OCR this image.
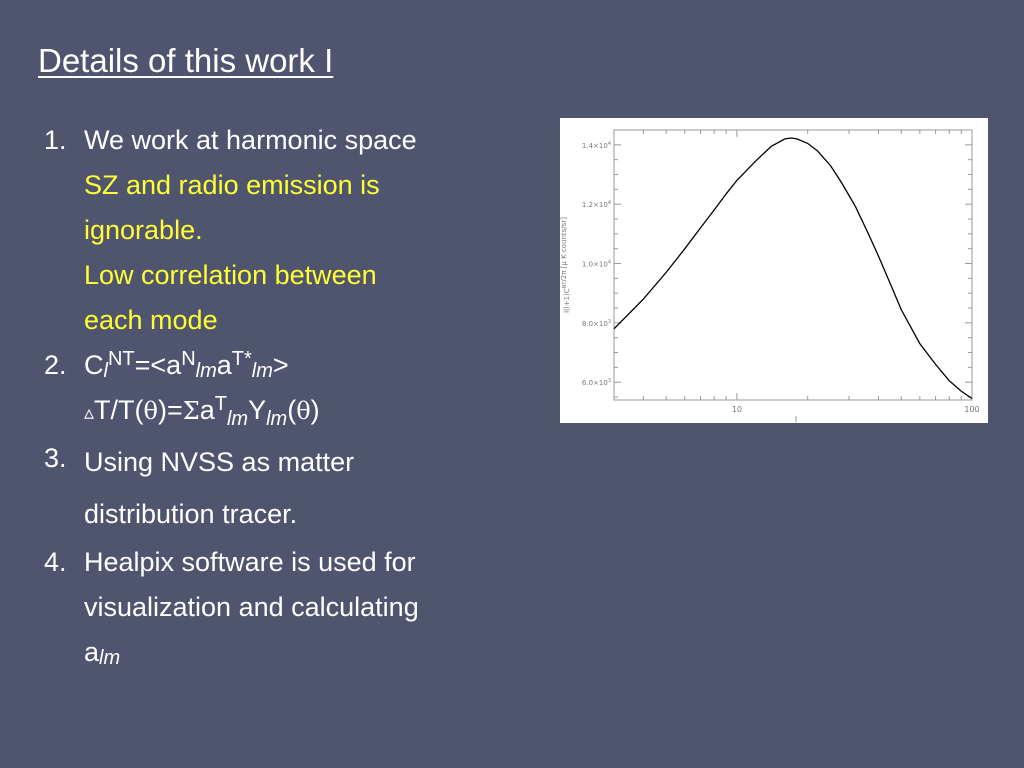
Details of this work I
1. We work at harmonic space
SZ and radio emission is
ignorable.
Low correlation between
each mode
2. $C_l^{NT}=<a^N_{lm}a^{T*}_{lm}>$
$▵T/T(\theta)=\Sigma a^T_{lm}Y_{lm}(\theta)$
3. Using NVSS as matter
distribution tracer.
4. Healpix software is used for
visualization and calculating
$a_{lm}$
10	100
l
$6.0\times 10^3$
$8.0\times 10^3$
$1.0\times 10^4$
$1.2\times 10^4$
$1.4\times 10^4$
$l(l+1)C^{NT}/2\pi$ [μ K counts/sr]
